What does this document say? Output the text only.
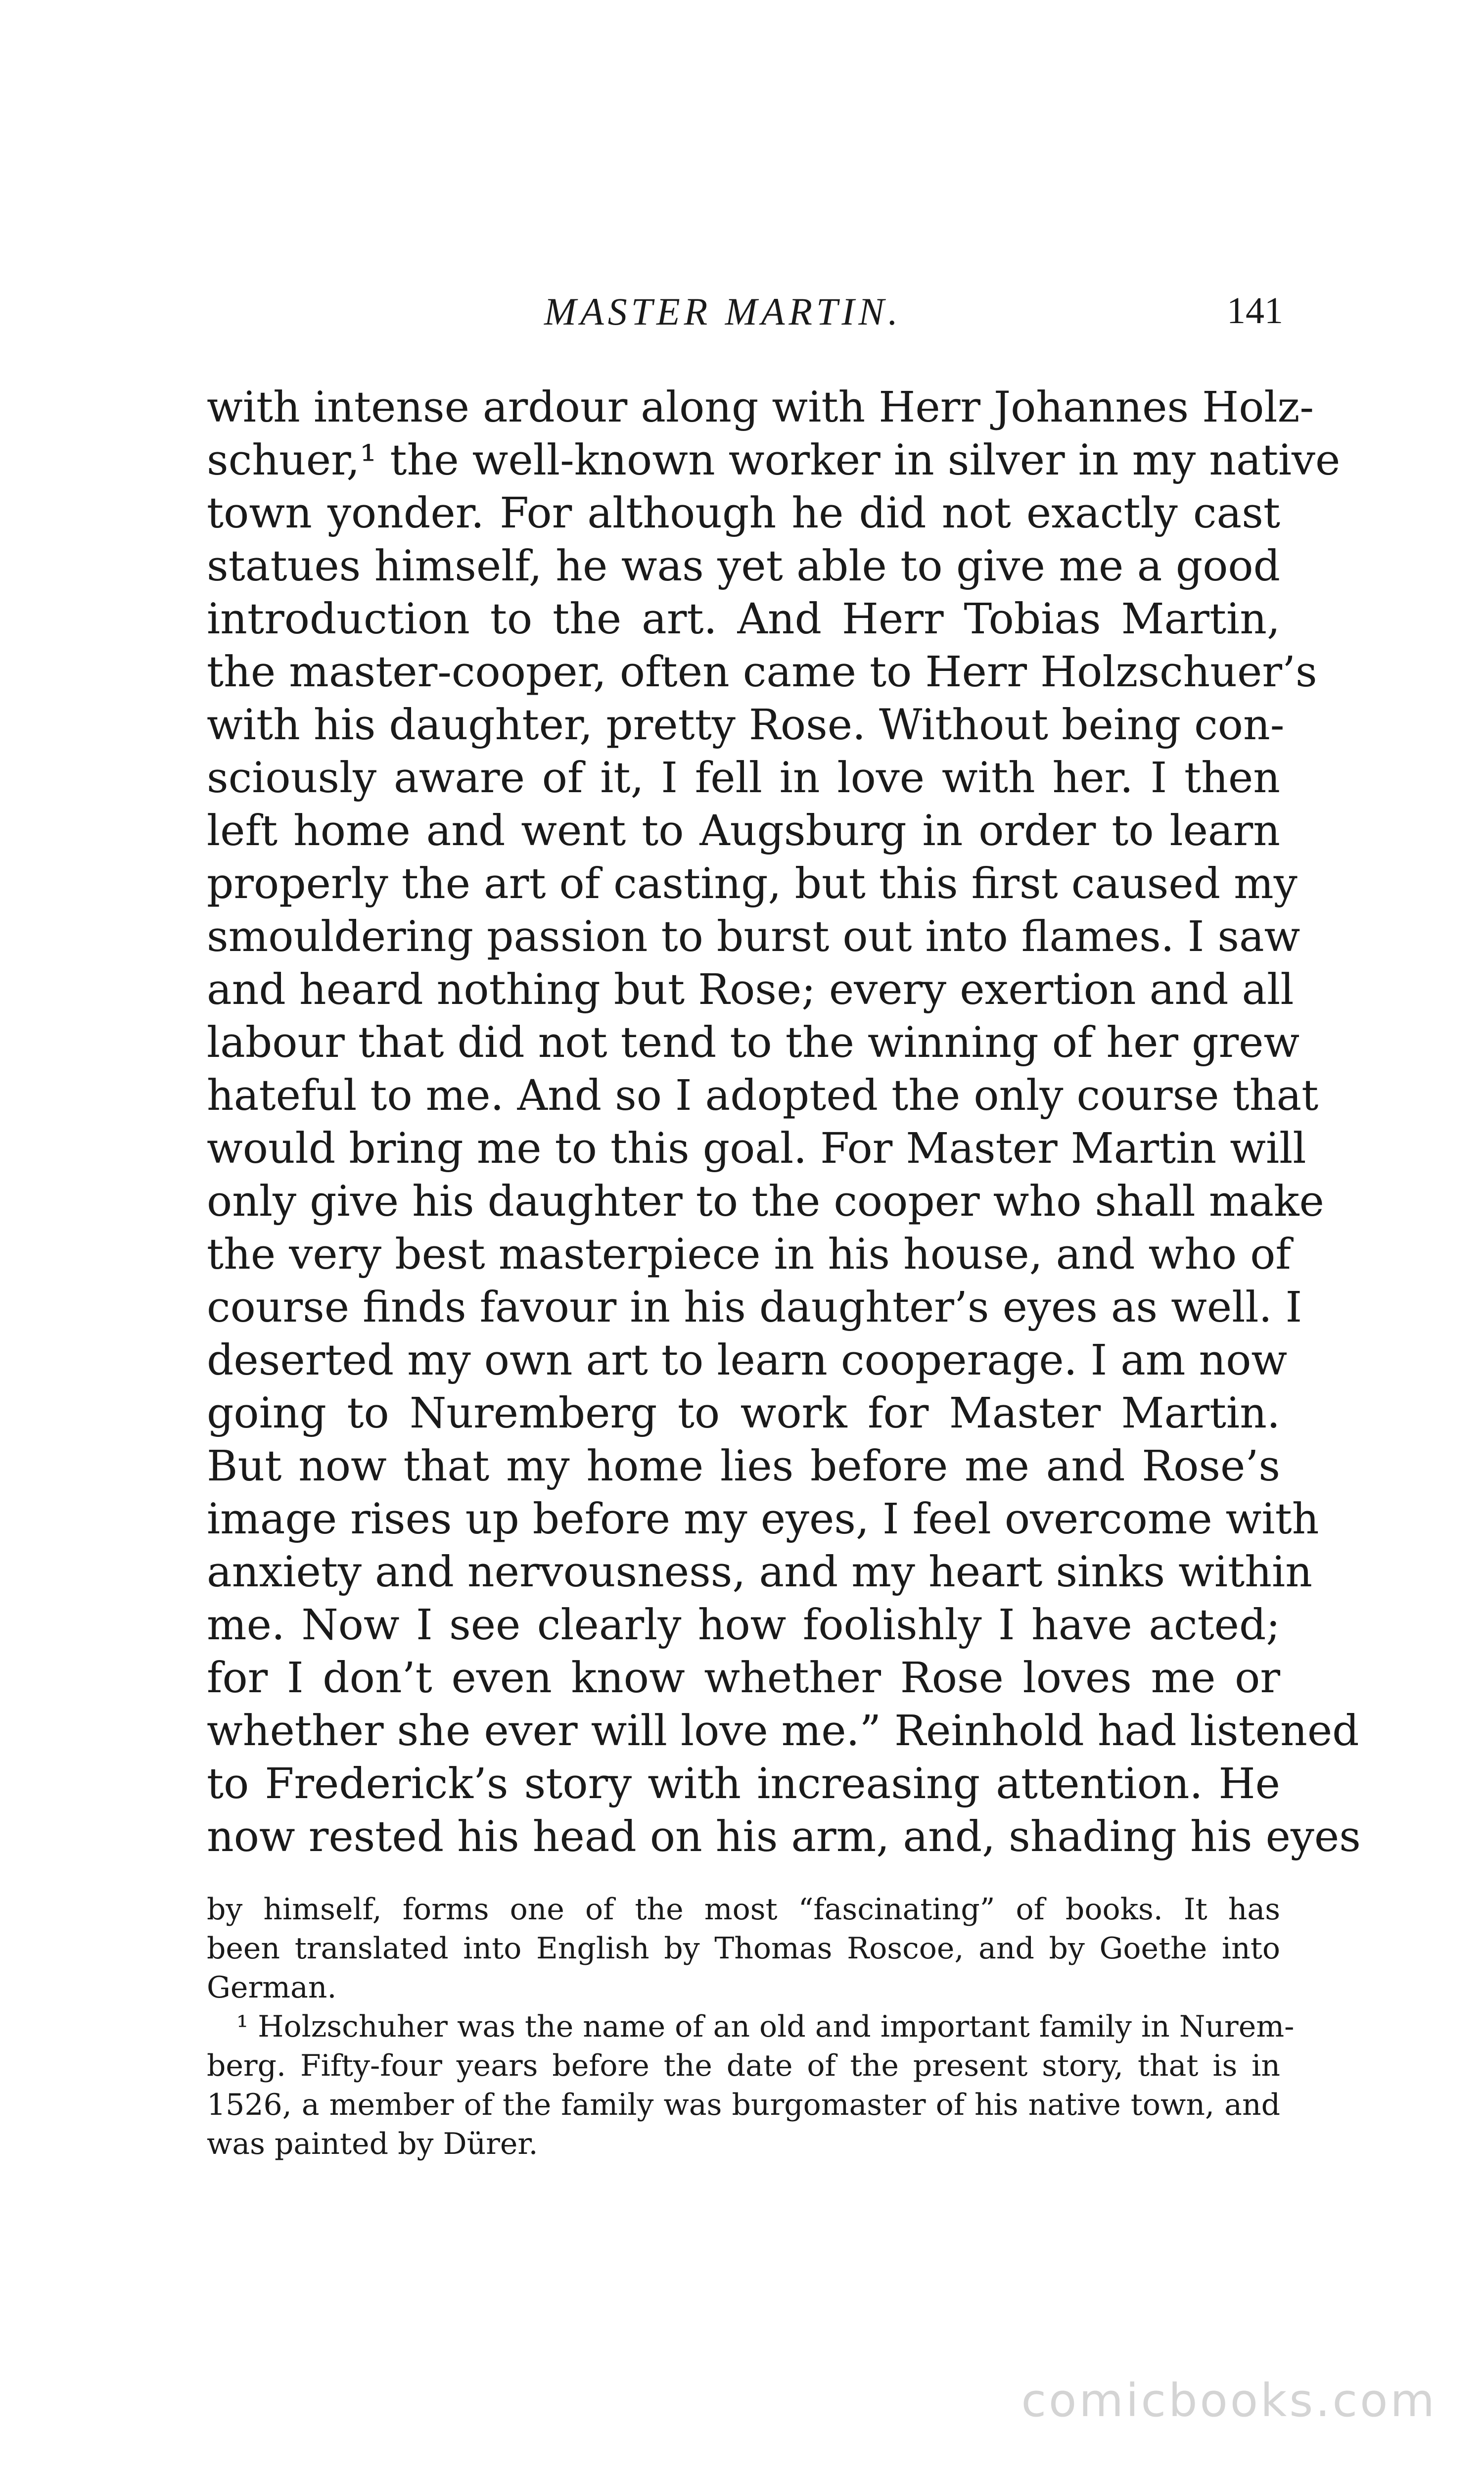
MASTER MARTIN.	141
with intense ardour along with Herr Johannes Holz-
schuer,¹ the well-known worker in silver in my native
town yonder. For although he did not exactly cast
statues himself, he was yet able to give me a good
introduction to the art. And Herr Tobias Martin,
the master-cooper, often came to Herr Holzschuer’s
with his daughter, pretty Rose. Without being con-
sciously aware of it, I fell in love with her. I then
left home and went to Augsburg in order to learn
properly the art of casting, but this first caused my
smouldering passion to burst out into flames. I saw
and heard nothing but Rose; every exertion and all
labour that did not tend to the winning of her grew
hateful to me. And so I adopted the only course that
would bring me to this goal. For Master Martin will
only give his daughter to the cooper who shall make
the very best masterpiece in his house, and who of
course finds favour in his daughter’s eyes as well. I
deserted my own art to learn cooperage. I am now
going to Nuremberg to work for Master Martin.
But now that my home lies before me and Rose’s
image rises up before my eyes, I feel overcome with
anxiety and nervousness, and my heart sinks within
me. Now I see clearly how foolishly I have acted;
for I don’t even know whether Rose loves me or
whether she ever will love me.” Reinhold had listened
to Frederick’s story with increasing attention. He
now rested his head on his arm, and, shading his eyes
by himself, forms one of the most “fascinating” of books. It has
been translated into English by Thomas Roscoe, and by Goethe into
German.
¹ Holzschuher was the name of an old and important family in Nurem-
berg. Fifty-four years before the date of the present story, that is in
1526, a member of the family was burgomaster of his native town, and
was painted by Dürer.
comicbooks.com
